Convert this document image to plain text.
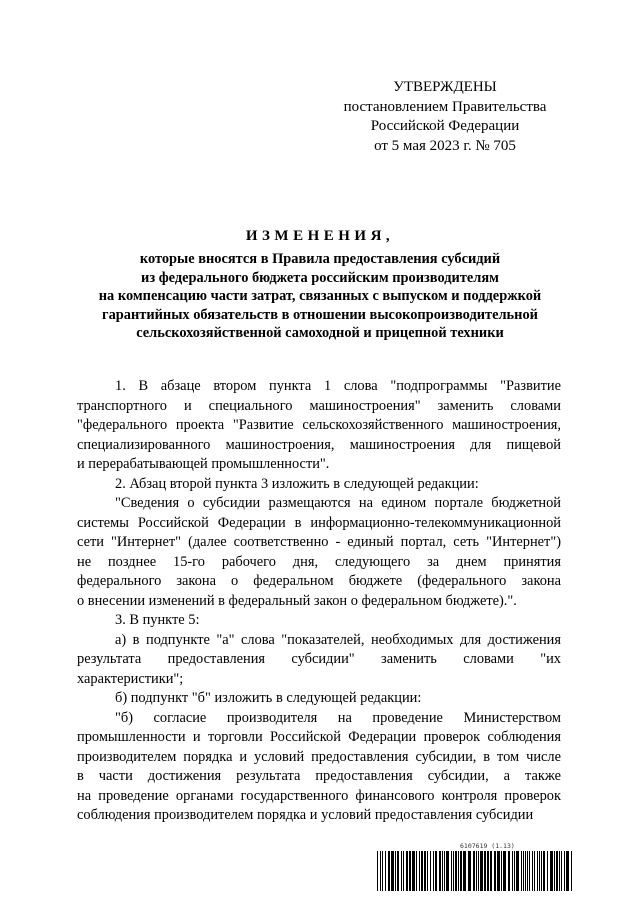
УТВЕРЖДЕНЫ
постановлением Правительства
Российской Федерации
от 5 мая 2023 г. № 705
ИЗМЕНЕНИЯ,
которые вносятся в Правила предоставления субсидий
из федерального бюджета российским производителям
на компенсацию части затрат, связанных с выпуском и поддержкой
гарантийных обязательств в отношении высокопроизводительной
сельскохозяйственной самоходной и прицепной техники
1. В абзаце втором пункта 1 слова "подпрограммы "Развитие
транспортного и специального машиностроения" заменить словами
"федерального проекта "Развитие сельскохозяйственного машиностроения,
специализированного машиностроения, машиностроения для пищевой
и перерабатывающей промышленности".
2. Абзац второй пункта 3 изложить в следующей редакции:
"Сведения о субсидии размещаются на едином портале бюджетной
системы Российской Федерации в информационно-телекоммуникационной
сети "Интернет" (далее соответственно - единый портал, сеть "Интернет")
не позднее 15-го рабочего дня, следующего за днем принятия
федерального закона о федеральном бюджете (федерального закона
о внесении изменений в федеральный закон о федеральном бюджете).".
3. В пункте 5:
а) в подпункте "а" слова "показателей, необходимых для достижения
результата предоставления субсидии" заменить словами "их
характеристики";
б) подпункт "б" изложить в следующей редакции:
"б) согласие производителя на проведение Министерством
промышленности и торговли Российской Федерации проверок соблюдения
производителем порядка и условий предоставления субсидии, в том числе
в части достижения результата предоставления субсидии, а также
на проведение органами государственного финансового контроля проверок
соблюдения производителем порядка и условий предоставления субсидии
6107619 (1.13)
